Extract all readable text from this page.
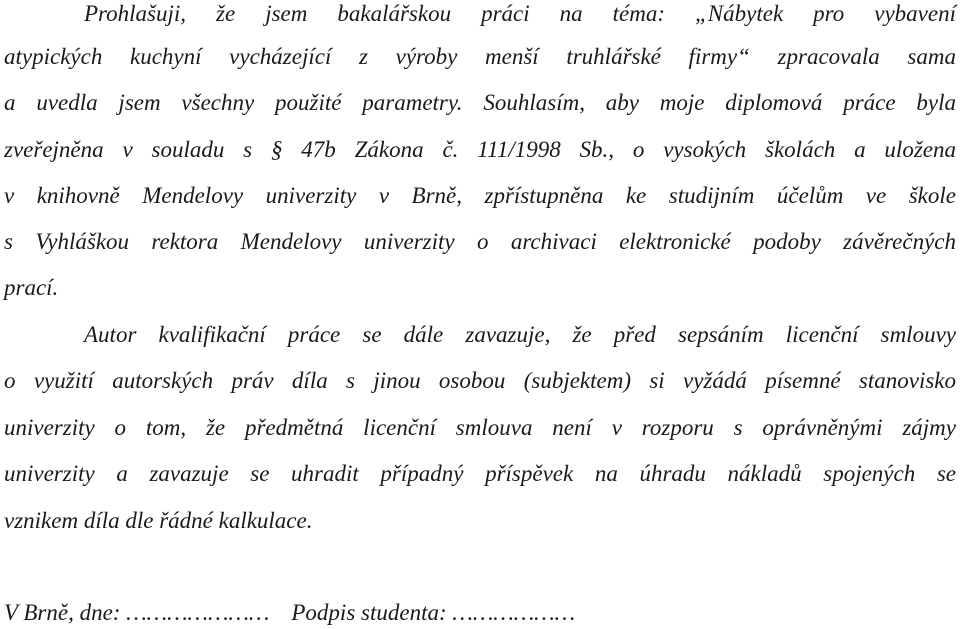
Prohlašuji, že jsem bakalářskou práci na téma: „Nábytek pro vybavení
atypických kuchyní vycházející z výroby menší truhlářské firmy“ zpracovala sama
a uvedla jsem všechny použité parametry. Souhlasím, aby moje diplomová práce byla
zveřejněna v souladu s § 47b Zákona č. 111/1998 Sb., o vysokých školách a uložena
v knihovně Mendelovy univerzity v Brně, zpřístupněna ke studijním účelům ve škole
s Vyhláškou rektora Mendelovy univerzity o archivaci elektronické podoby závěrečných
prací.
Autor kvalifikační práce se dále zavazuje, že před sepsáním licenční smlouvy
o využití autorských práv díla s jinou osobou (subjektem) si vyžádá písemné stanovisko
univerzity o tom, že předmětná licenční smlouva není v rozporu s oprávněnými zájmy
univerzity a zavazuje se uhradit případný příspěvek na úhradu nákladů spojených se
vznikem díla dle řádné kalkulace.
V Brně, dne: ………………… Podpis studenta: ………………
